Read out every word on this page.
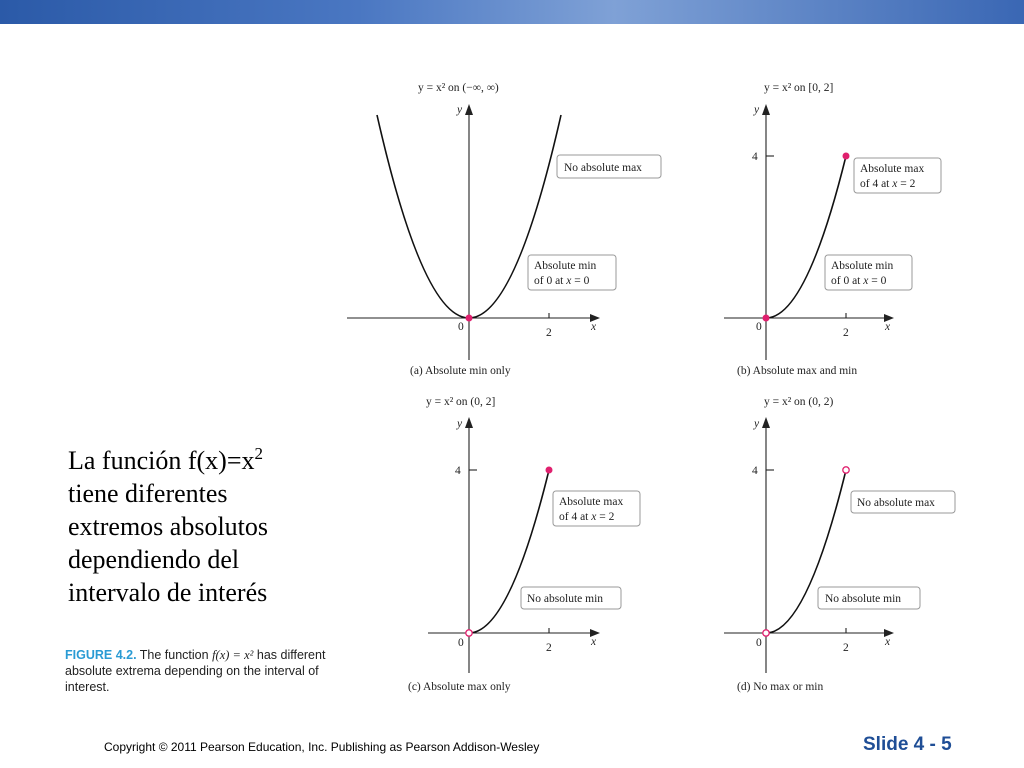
y = x² on (−∞, ∞)
y
x
0	2
No absolute max
Absolute min
of 0 at x = 0
(a) Absolute min only
y = x² on [0, 2]
y
x
4
0	2
Absolute max
of 4 at x = 2
Absolute min
of 0 at x = 0
(b) Absolute max and min
y = x² on (0, 2]
y
x
4
0	2
Absolute max
of 4 at x = 2
No absolute min
(c) Absolute max only
y = x² on (0, 2)
y
x
4
0	2
No absolute max
No absolute min
(d) No max or min
La función $f(x)=x^2$
tiene diferentes
extremos absolutos
dependiendo del
intervalo de interés
FIGURE 4.2. The function f(x) = x² has different absolute extrema depending on the interval of interest.
Copyright © 2011 Pearson Education, Inc. Publishing as Pearson Addison-Wesley	Slide 4 - 5
